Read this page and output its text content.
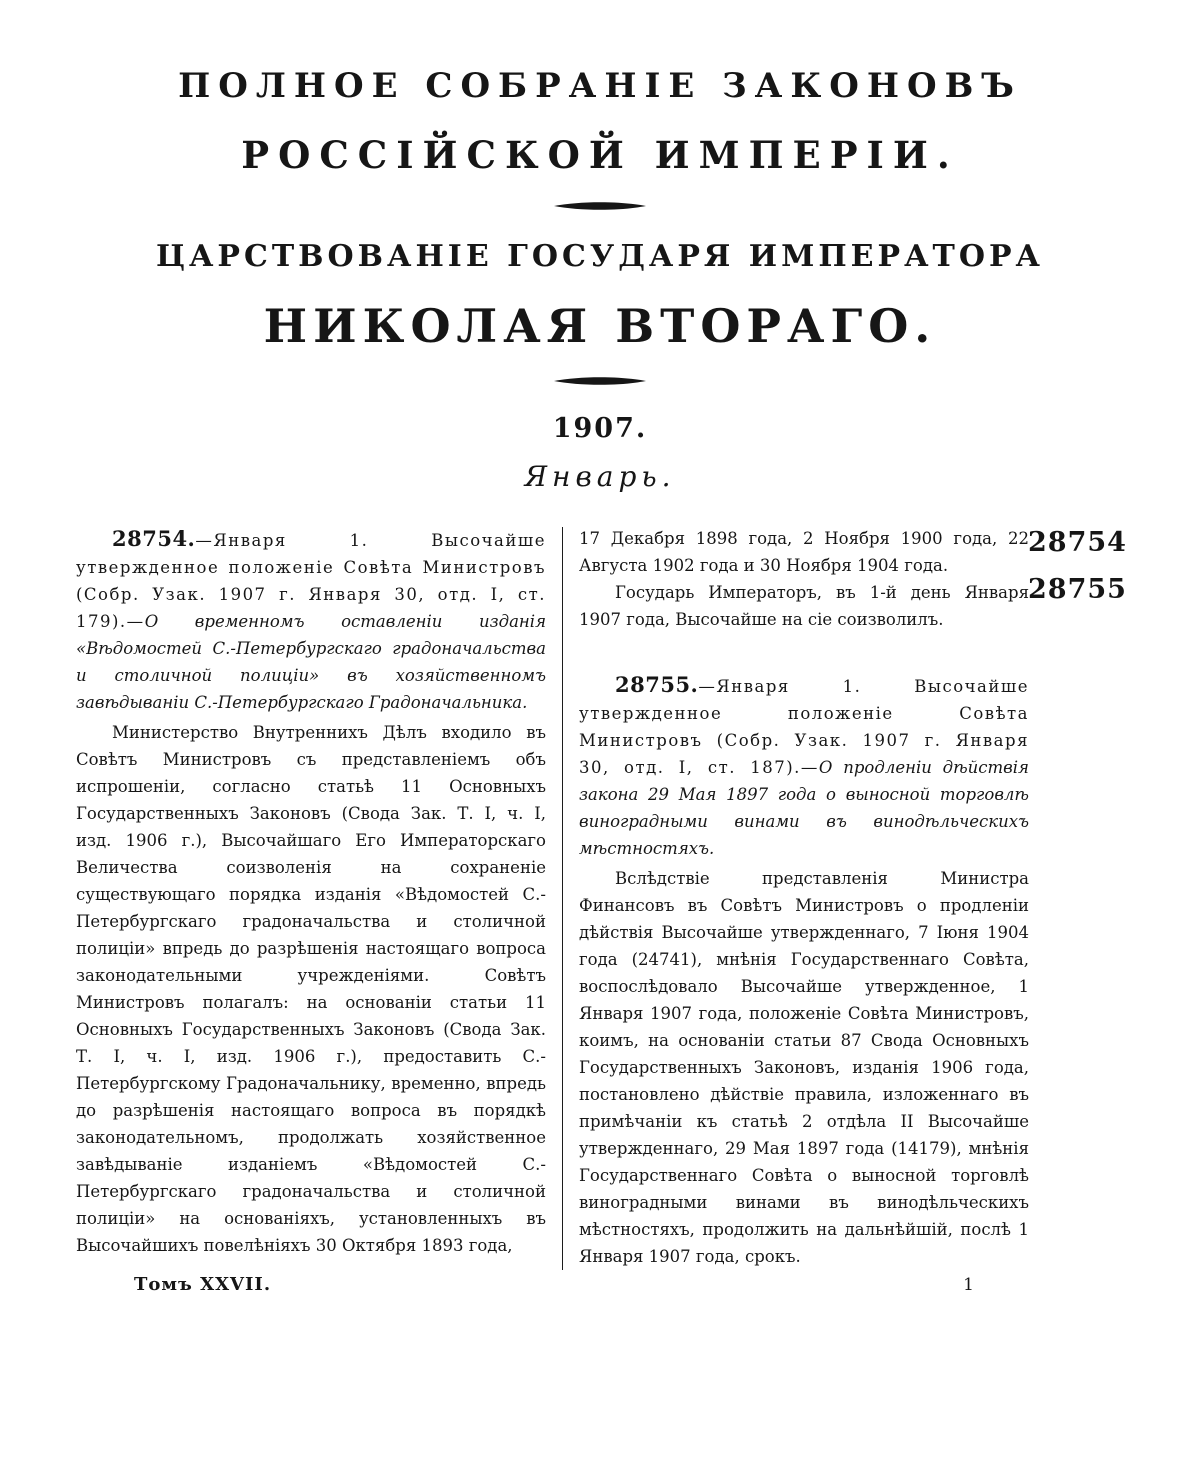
ПОЛНОЕ СОБРАНІЕ ЗАКОНОВЪ
РОССІЙСКОЙ ИМПЕРІИ.
ЦАРСТВОВАНІЕ ГОСУДАРЯ ИМПЕРАТОРА
НИКОЛАЯ ВТОРАГО.
1907.
Январь.

28754.—Января 1. Высочайше утвержденное положеніе Совѣта Министровъ (Собр. Узак. 1907 г. Января 30, отд. I, ст. 179).—О временномъ оставленіи изданія «Вѣдомостей С.-Петербургскаго градоначальства и столичной полиціи» въ хозяйственномъ завѣдываніи С.-Петербургскаго Градоначальника.

Министерство Внутреннихъ Дѣлъ входило въ Совѣтъ Министровъ съ представленіемъ объ испрошеніи, согласно статьѣ 11 Основныхъ Государственныхъ Законовъ (Свода Зак. Т. I, ч. I, изд. 1906 г.), Высочайшаго Его Императорскаго Величества соизволенія на сохраненіе существующаго порядка изданія «Вѣдомостей С.-Петербургскаго градоначальства и столичной полиціи» впредь до разрѣшенія настоящаго вопроса законодательными учрежденіями. Совѣтъ Министровъ полагалъ: на основаніи статьи 11 Основныхъ Государственныхъ Законовъ (Свода Зак. Т. I, ч. I, изд. 1906 г.), предоставить С.-Петербургскому Градоначальнику, временно, впредь до разрѣшенія настоящаго вопроса въ порядкѣ законодательномъ, продолжать хозяйственное завѣдываніе изданіемъ «Вѣдомостей С.-Петербургскаго градоначальства и столичной полиціи» на основаніяхъ, установленныхъ въ Высочайшихъ повелѣніяхъ 30 Октября 1893 года,

17 Декабря 1898 года, 2 Ноября 1900 года, 22 Августа 1902 года и 30 Ноября 1904 года.

Государь Императоръ, въ 1-й день Января 1907 года, Высочайше на сіе соизволилъ.

28755.—Января 1. Высочайше утвержденное положеніе Совѣта Министровъ (Собр. Узак. 1907 г. Января 30, отд. I, ст. 187).—О продленіи дѣйствія закона 29 Мая 1897 года о выносной торговлѣ виноградными винами въ винодѣльческихъ мѣстностяхъ.

Вслѣдствіе представленія Министра Финансовъ въ Совѣтъ Министровъ о продленіи дѣйствія Высочайше утвержденнаго, 7 Іюня 1904 года (24741), мнѣнія Государственнаго Совѣта, воспослѣдовало Высочайше утвержденное, 1 Января 1907 года, положеніе Совѣта Министровъ, коимъ, на основаніи статьи 87 Свода Основныхъ Государственныхъ Законовъ, изданія 1906 года, постановлено дѣйствіе правила, изложеннаго въ примѣчаніи къ статьѣ 2 отдѣла II Высочайше утвержденнаго, 29 Мая 1897 года (14179), мнѣнія Государственнаго Совѣта о выносной торговлѣ виноградными винами въ винодѣльческихъ мѣстностяхъ, продолжить на дальнѣйшій, послѣ 1 Января 1907 года, срокъ.

28754
28755
Томъ XXVII.	1
